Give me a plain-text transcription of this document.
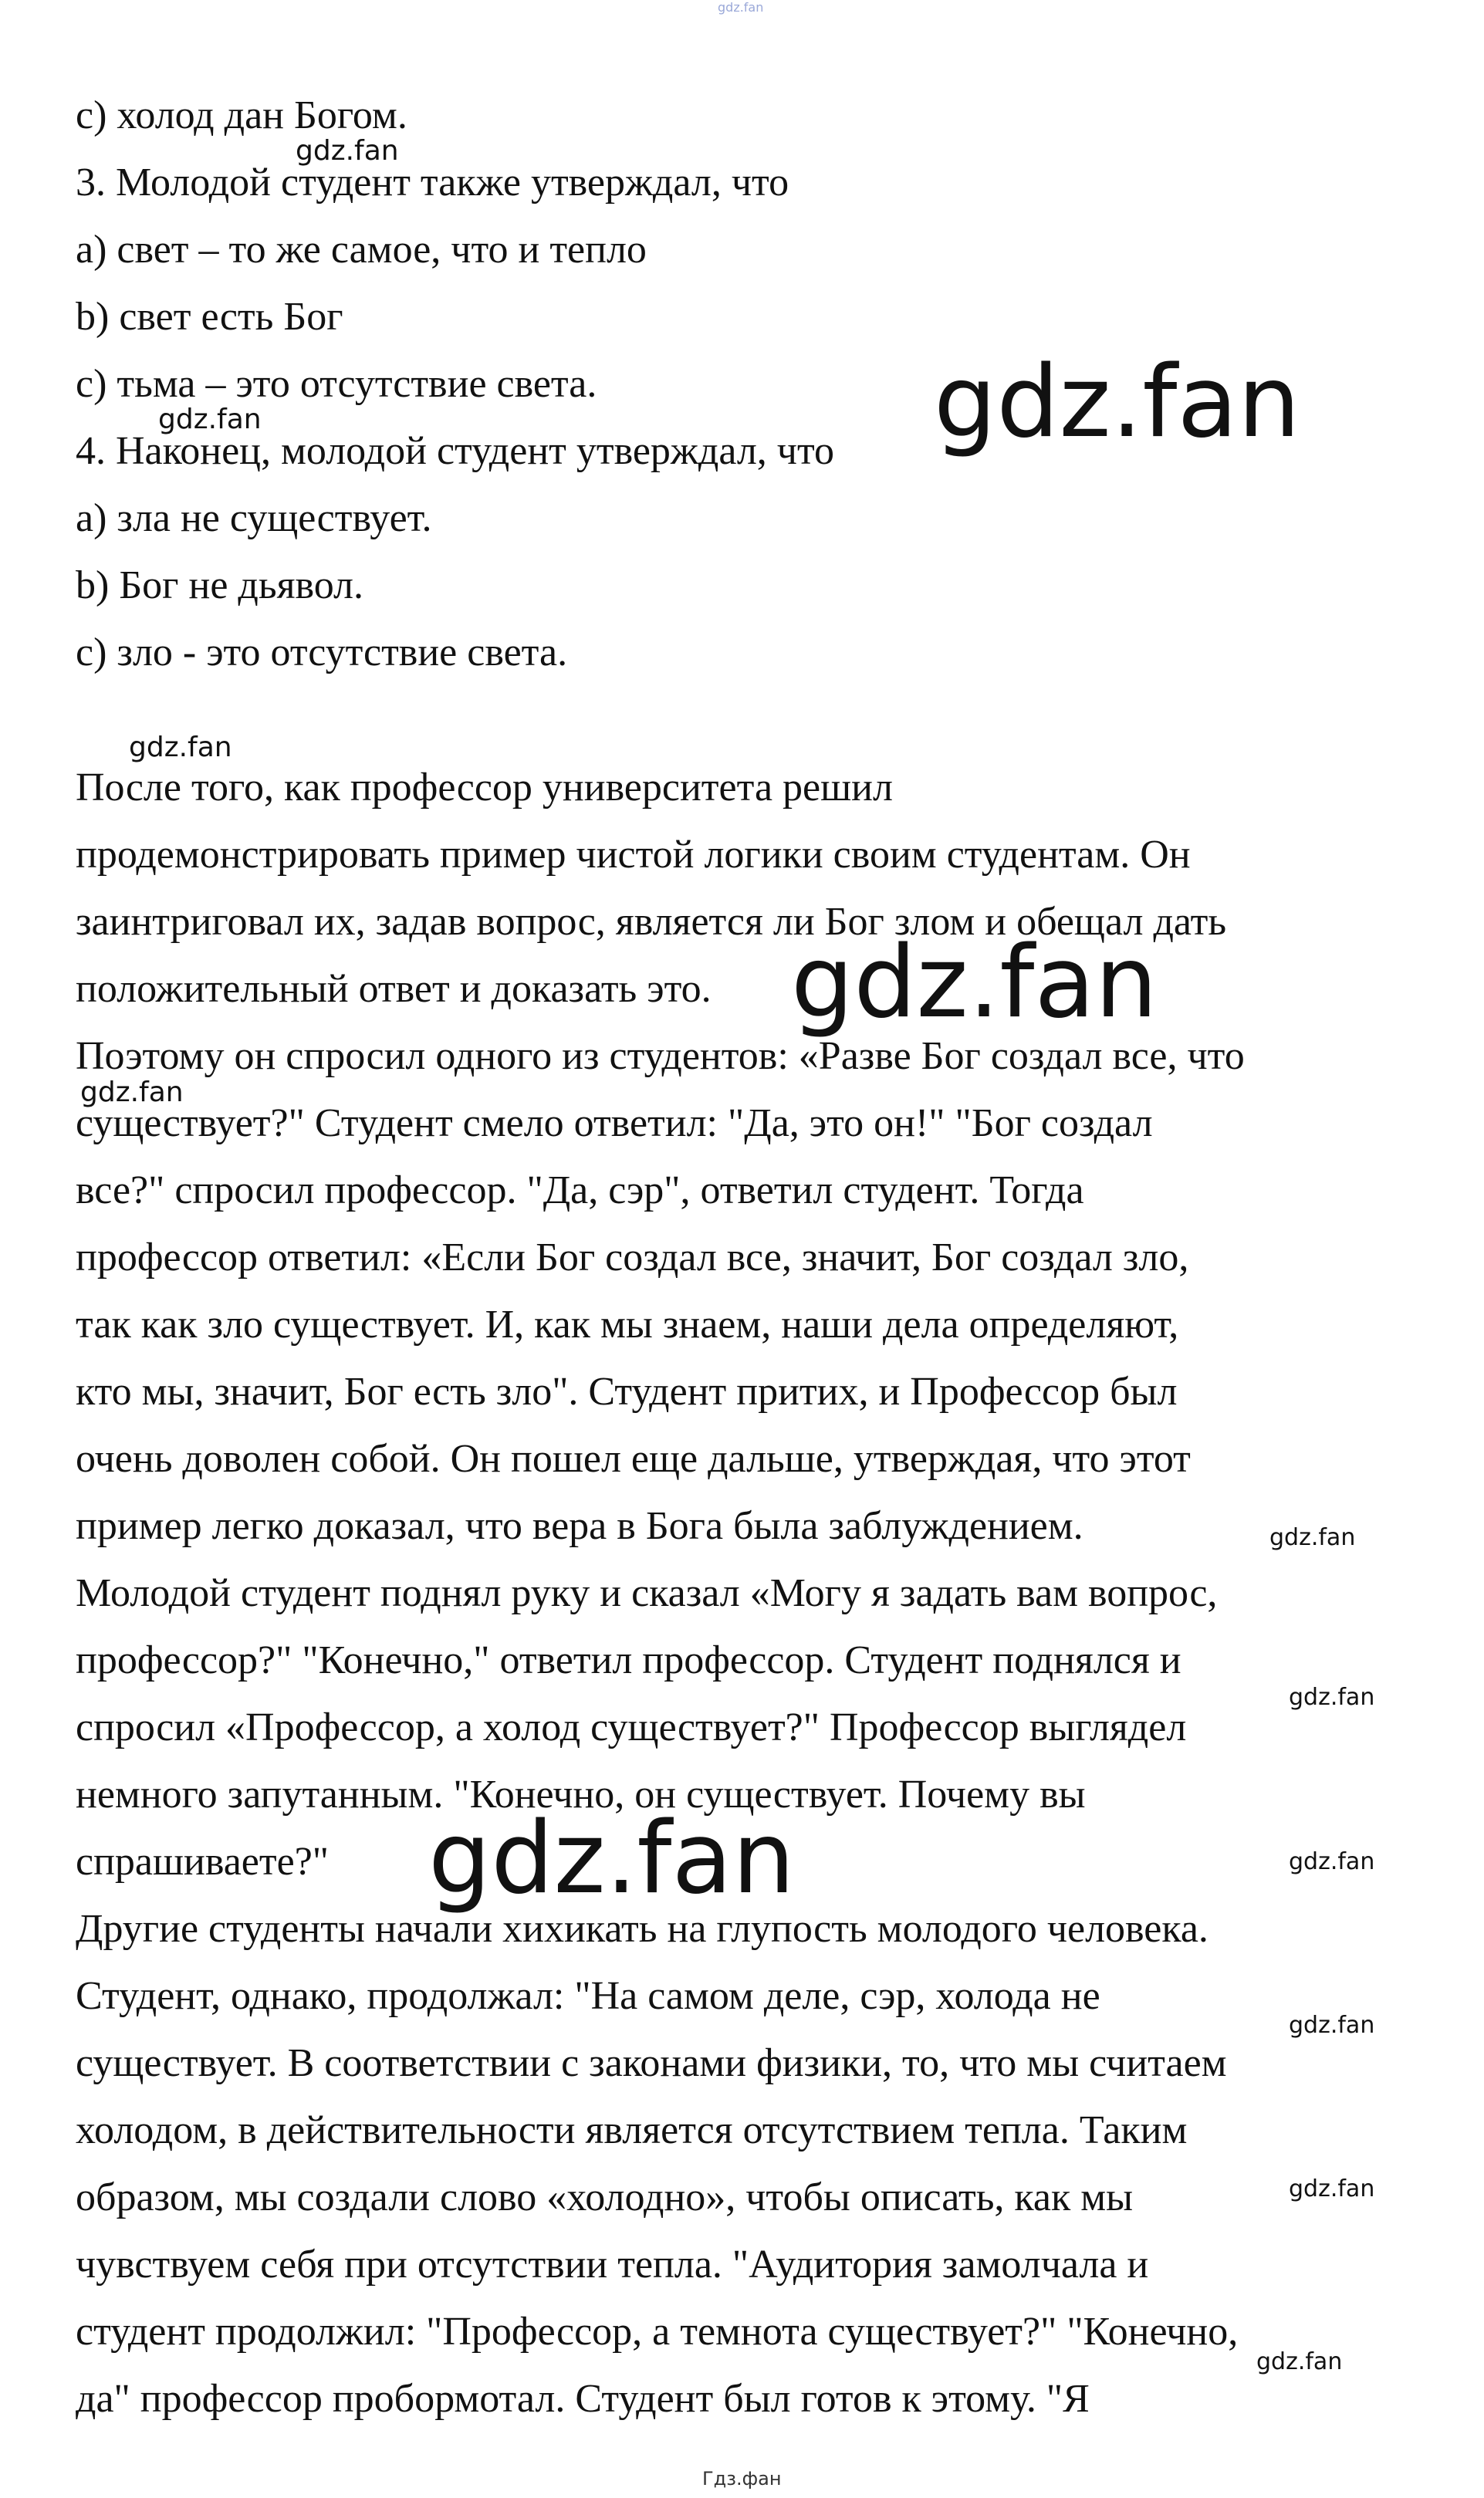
gdz.fan
c) холод дан Богом.
3. Молодой студент также утверждал, что
a) свет – то же самое, что и тепло
b) свет есть Бог
c) тьма – это отсутствие света.
4. Наконец, молодой студент утверждал, что
a) зла не существует.
b) Бог не дьявол.
c) зло - это отсутствие света.
После того, как профессор университета решил
продемонстрировать пример чистой логики своим студентам. Он
заинтриговал их, задав вопрос, является ли Бог злом и обещал дать
положительный ответ и доказать это.
Поэтому он спросил одного из студентов: «Разве Бог создал все, что
существует?" Студент смело ответил: "Да, это он!" "Бог создал
все?" спросил профессор. "Да, сэр", ответил студент. Тогда
профессор ответил: «Если Бог создал все, значит, Бог создал зло,
так как зло существует. И, как мы знаем, наши дела определяют,
кто мы, значит, Бог есть зло". Студент притих, и Профессор был
очень доволен собой. Он пошел еще дальше, утверждая, что этот
пример легко доказал, что вера в Бога была заблуждением.
Молодой студент поднял руку и сказал «Могу я задать вам вопрос,
профессор?" "Конечно," ответил профессор. Студент поднялся и
спросил «Профессор, а холод существует?" Профессор выглядел
немного запутанным. "Конечно, он существует. Почему вы
спрашиваете?"
Другие студенты начали хихикать на глупость молодого человека.
Студент, однако, продолжал: "На самом деле, сэр, холода не
существует. В соответствии с законами физики, то, что мы считаем
холодом, в действительности является отсутствием тепла. Таким
образом, мы создали слово «холодно», чтобы описать, как мы
чувствуем себя при отсутствии тепла. "Аудитория замолчала и
студент продолжил: "Профессор, а темнота существует?" "Конечно,
да" профессор пробормотал. Студент был готов к этому. "Я
gdz.fan
gdz.fan
gdz.fan
gdz.fan
gdz.fan
gdz.fan
gdz.fan
gdz.fan
gdz.fan	gdz.fan
gdz.fan
gdz.fan
gdz.fan
Гдз.фан
